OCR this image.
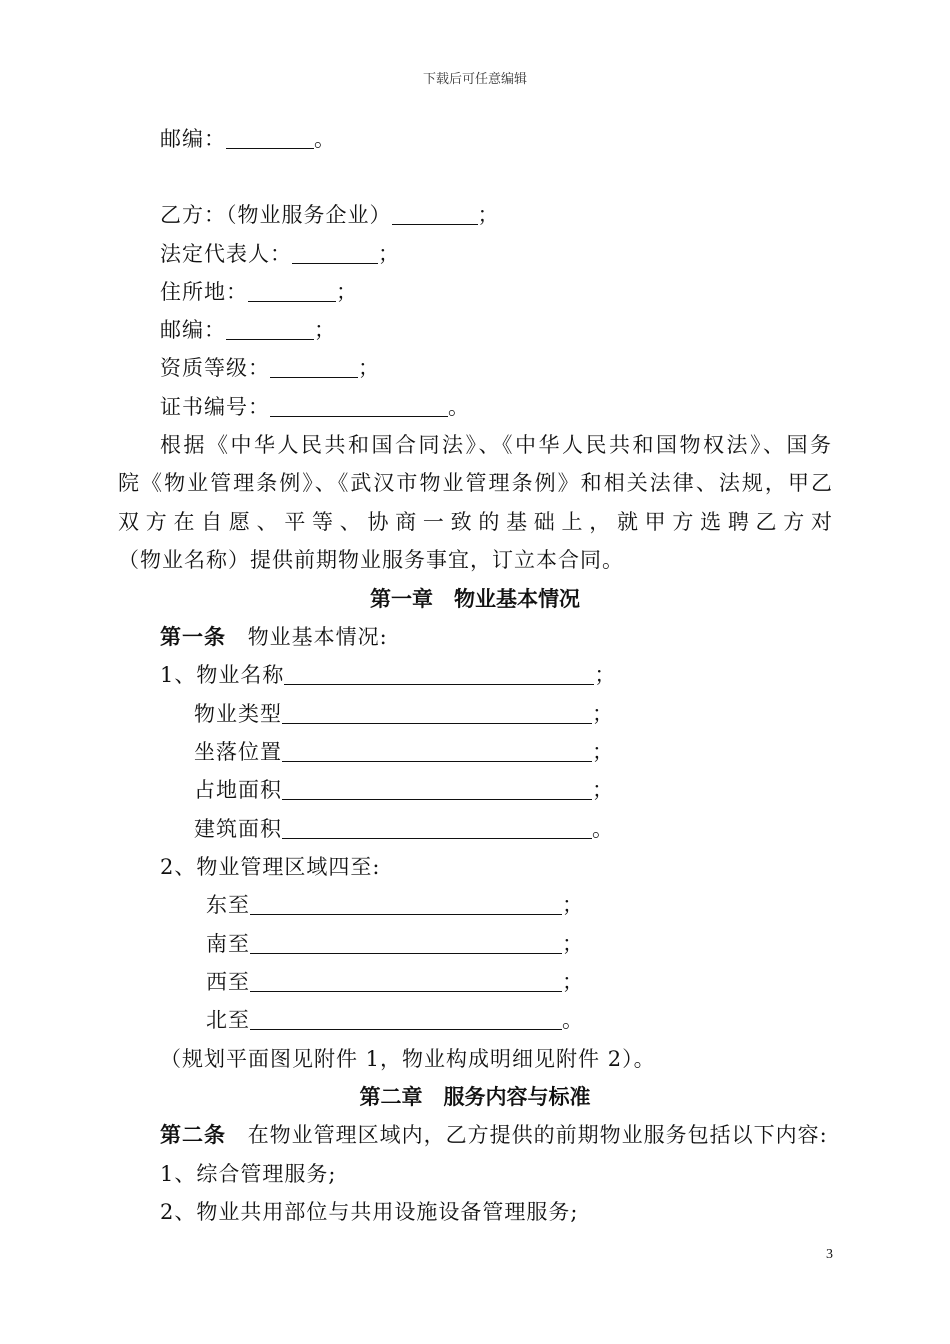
下载后可任意编辑
邮编：	。
乙方：（物业服务企业）	；
法定代表人：	；
住所地：	；
邮编：	；
资质等级：	；
证书编号：	。
根据《中华人民共和国合同法》、《中华人民共和国物权法》、国务
院《物业管理条例》、《武汉市物业管理条例》和相关法律、法规，甲乙
双方在自愿、平等、协商一致的基础上，就甲方选聘乙方对
（物业名称）提供前期物业服务事宜，订立本合同。
第一章　物业基本情况
第一条 物业基本情况:
1、物业名称	；
物业类型	；
坐落位置	；
占地面积	；
建筑面积	。
2、物业管理区域四至:
东至	；
南至	；
西至	；
北至	。
（规划平面图见附件 1，物业构成明细见附件 2）。
第二章　服务内容与标准
第二条 在物业管理区域内，乙方提供的前期物业服务包括以下内容:
1、综合管理服务;
2、物业共用部位与共用设施设备管理服务;
3
